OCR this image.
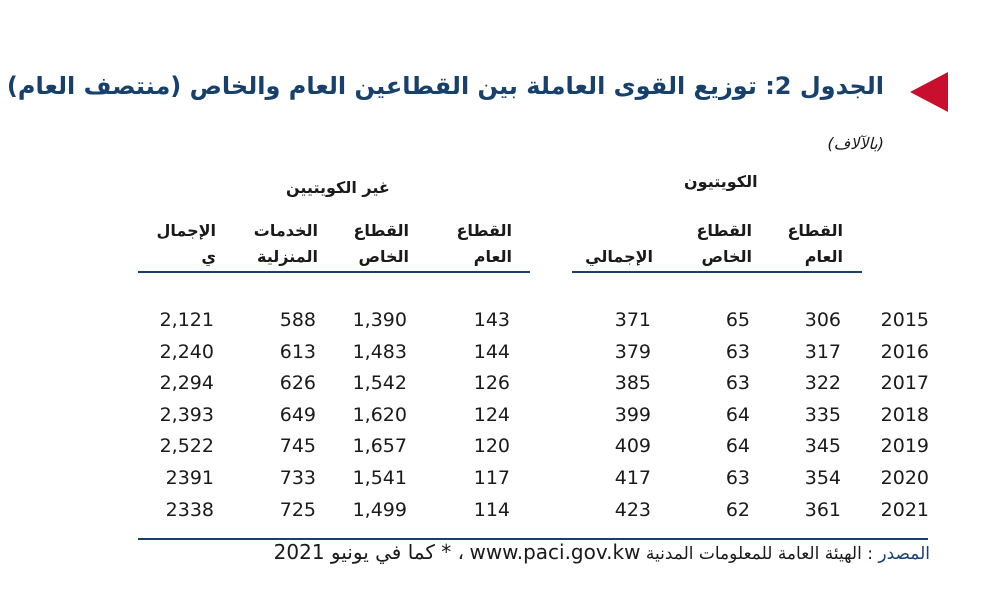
الجدول 2: توزيع القوى العاملة بين القطاعين العام والخاص (منتصف العام)
(بالآلاف)
الكويتيون
غير الكويتيين
القطاع
العام
القطاع
الخاص

الإجمالي
القطاع
العام
القطاع
الخاص
الخدمات
المنزلية
الإجمال
ي
2015
306
65
371
143
1,390
588
2,121
2016
317
63
379
144
1,483
613
2,240
2017
322
63
385
126
1,542
626
2,294
2018
335
64
399
124
1,620
649
2,393
2019
345
64
409
120
1,657
745
2,522
2020
354
63
417
117
1,541
733
2391
2021
361
62
423
114
1,499
725
2338
المصدر : الهيئة العامة للمعلومات المدنية www.paci.gov.kw ، * كما في يونيو 2021
